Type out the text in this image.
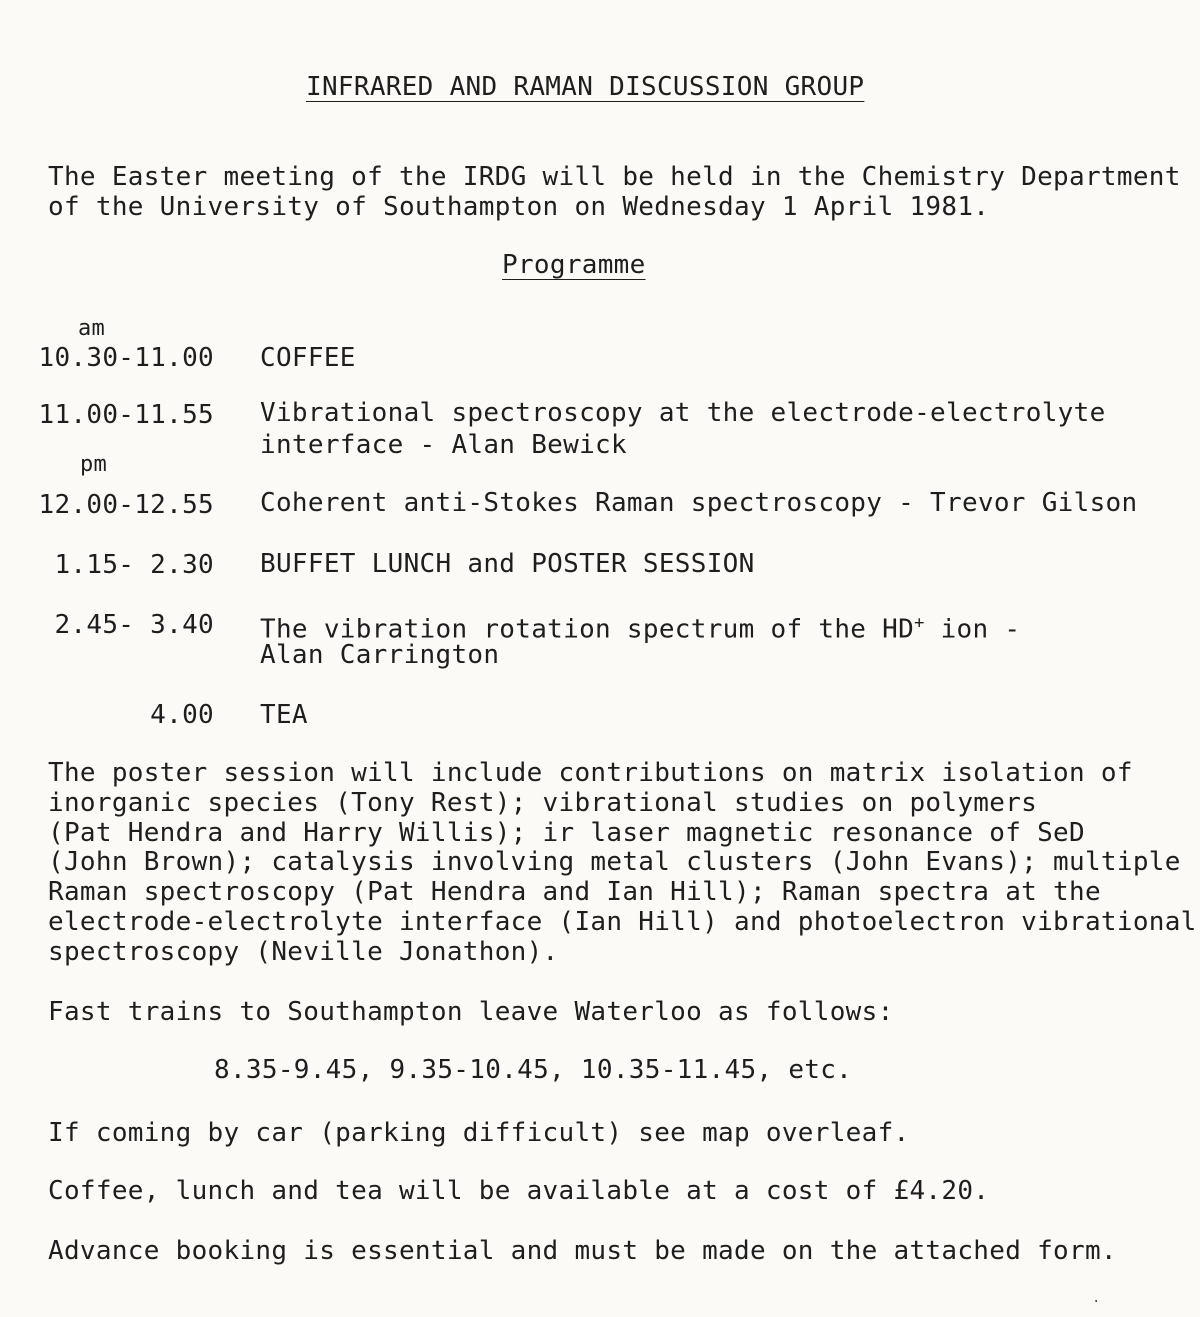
INFRARED AND RAMAN DISCUSSION GROUP
The Easter meeting of the IRDG will be held in the Chemistry Department
of the University of Southampton on Wednesday 1 April 1981.
Programme
am
10.30-11.00 COFFEE
11.00-11.55 Vibrational spectroscopy at the electrode-electrolyte
interface - Alan Bewick
pm
12.00-12.55 Coherent anti-Stokes Raman spectroscopy - Trevor Gilson
1.15- 2.30 BUFFET LUNCH and POSTER SESSION
2.45- 3.40 The vibration rotation spectrum of the HD+ ion -
Alan Carrington
4.00 TEA
The poster session will include contributions on matrix isolation of
inorganic species (Tony Rest); vibrational studies on polymers
(Pat Hendra and Harry Willis); ir laser magnetic resonance of SeD
(John Brown); catalysis involving metal clusters (John Evans); multiple
Raman spectroscopy (Pat Hendra and Ian Hill); Raman spectra at the
electrode-electrolyte interface (Ian Hill) and photoelectron vibrational
spectroscopy (Neville Jonathon).
Fast trains to Southampton leave Waterloo as follows:
8.35-9.45, 9.35-10.45, 10.35-11.45, etc.
If coming by car (parking difficult) see map overleaf.
Coffee, lunch and tea will be available at a cost of £4.20.
Advance booking is essential and must be made on the attached form.
·
